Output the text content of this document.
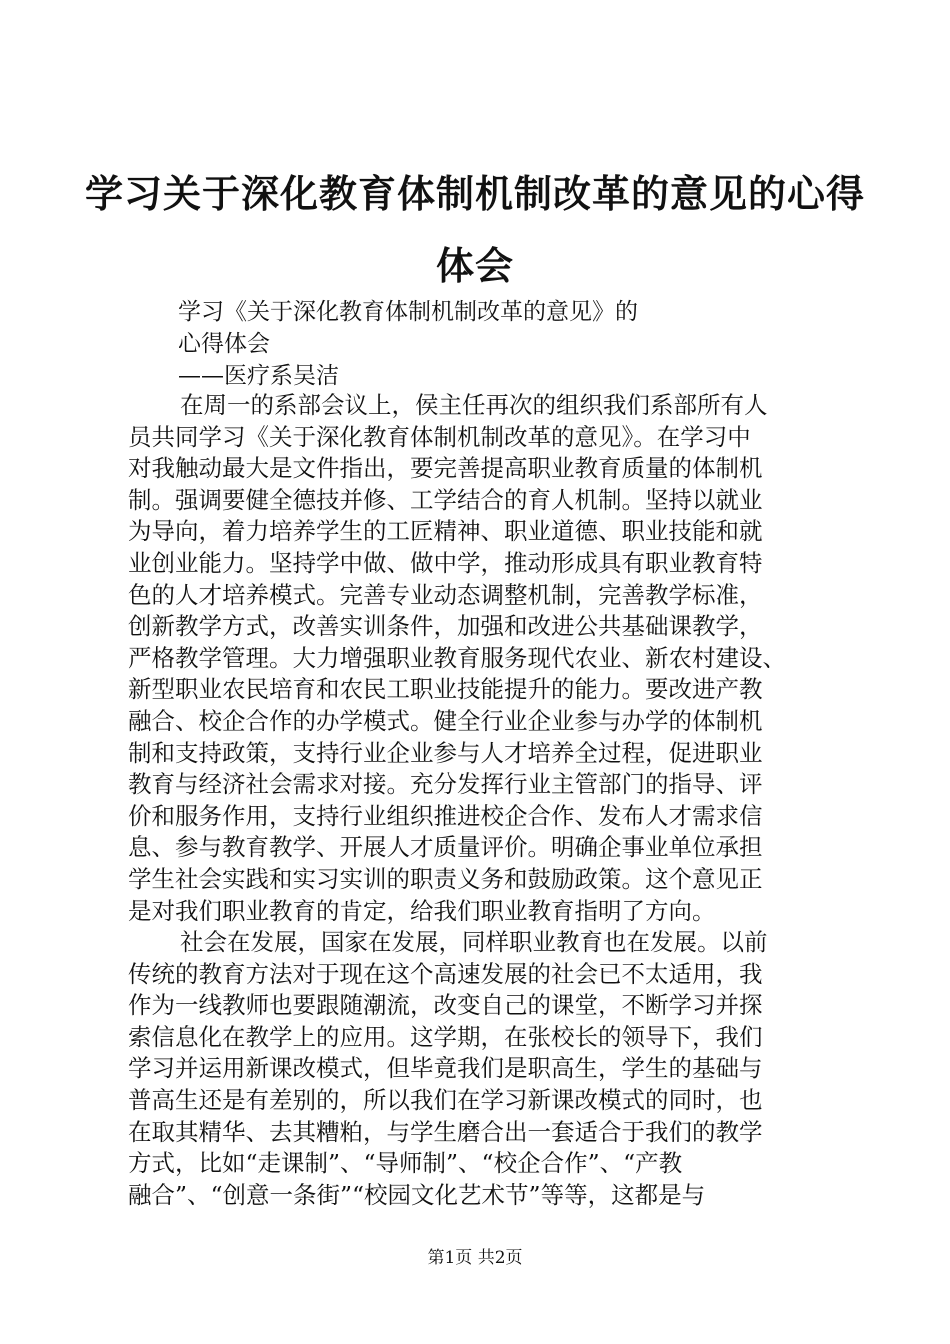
学习关于深化教育体制机制改革的意见的心得
体会
学习《关于深化教育体制机制改革的意见》的
心得体会
——医疗系吴洁
在周一的系部会议上，侯主任再次的组织我们系部所有人
员共同学习《关于深化教育体制机制改革的意见》。在学习中
对我触动最大是文件指出，要完善提高职业教育质量的体制机
制。强调要健全德技并修、工学结合的育人机制。坚持以就业
为导向，着力培养学生的工匠精神、职业道德、职业技能和就
业创业能力。坚持学中做、做中学，推动形成具有职业教育特
色的人才培养模式。完善专业动态调整机制，完善教学标准，
创新教学方式，改善实训条件，加强和改进公共基础课教学，
严格教学管理。大力增强职业教育服务现代农业、新农村建设、
新型职业农民培育和农民工职业技能提升的能力。要改进产教
融合、校企合作的办学模式。健全行业企业参与办学的体制机
制和支持政策，支持行业企业参与人才培养全过程，促进职业
教育与经济社会需求对接。充分发挥行业主管部门的指导、评
价和服务作用，支持行业组织推进校企合作、发布人才需求信
息、参与教育教学、开展人才质量评价。明确企事业单位承担
学生社会实践和实习实训的职责义务和鼓励政策。这个意见正
是对我们职业教育的肯定，给我们职业教育指明了方向。
社会在发展，国家在发展，同样职业教育也在发展。以前
传统的教育方法对于现在这个高速发展的社会已不太适用，我
作为一线教师也要跟随潮流，改变自己的课堂，不断学习并探
索信息化在教学上的应用。这学期，在张校长的领导下，我们
学习并运用新课改模式，但毕竟我们是职高生，学生的基础与
普高生还是有差别的，所以我们在学习新课改模式的同时，也
在取其精华、去其糟粕，与学生磨合出一套适合于我们的教学
方式，比如“走课制”、“导师制”、“校企合作”、“产教
融合”、“创意一条街”“校园文化艺术节”等等，这都是与
第1页 共2页
